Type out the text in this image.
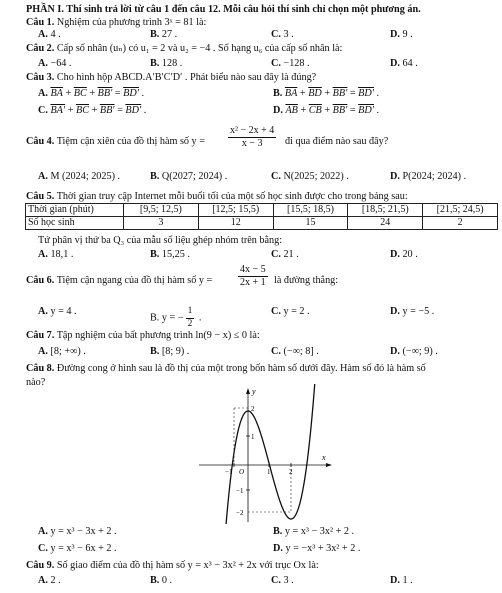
PHẦN I. Thí sinh trả lời từ câu 1 đến câu 12. Mỗi câu hỏi thí sinh chỉ chọn một phương án.
Câu 1. Nghiệm của phương trình 3ˣ = 81 là:
A. 4 .	B. 27 .	C. 3 .	D. 9 .
Câu 2. Cấp số nhân (uₙ) có u₁ = 2 và u₂ = −4 . Số hạng u₆ của cấp số nhân là:
A. −64 .	B. 128 .	C. −128 .	D. 64 .
Câu 3. Cho hình hộp ABCD.A′B′C′D′ . Phát biểu nào sau đây là đúng?
A. $\overline{BA} + \overline{BC} + BB' = BD'$ .	B. $\overline{BA} + \overline{BD} + BB' = BD'$ .
C. $BA' + \overline{BC} + BB' = BD'$ .	D. $\overline{AB} + \overline{CB} + BB' = BD'$ .
Câu 4. Tiệm cận xiên của đồ thị hàm số $y = \frac{\text{x² − 2x + 4}}{x - 3}$ đi qua điểm nào sau đây?
A. M (2024; 2025) .	B. Q(2027; 2024) .	C. N(2025; 2022) .	D. P(2024; 2024) .
Câu 5. Thời gian truy cập Internet mỗi buổi tối của một số học sinh được cho trong bảng sau:
Thời gian (phút)	[9,5; 12,5)	[12,5; 15,5)	[15,5; 18,5)	[18,5; 21,5)	[21,5; 24,5)
Số học sinh	3	12	15	24	2
Tứ phân vị thứ ba Q₃ của mẫu số liệu ghép nhóm trên bằng:
A. 18,1 .	B. 15,25 .	C. 21 .	D. 20 .
Câu 6. Tiệm cận ngang của đồ thị hàm số y =	$\frac{4x - 5}{2x + 1}$ là đường thẳng:
A. y = 4 .
B. y = − $\frac{1}{2}$ .
C. y = 2 .	D. y = −5 .
Câu 7. Tập nghiệm của bất phương trình ln(9 − x) ≤ 0 là:
A. [8; +∞) .	B. [8; 9) .	C. (−∞; 8] .	D. (−∞; 9) .
Câu 8. Đường cong ở hình sau là đồ thị của một trong bốn hàm số dưới đây. Hàm số đó là hàm số
nào?
y
x
O
−1	1	2
2
1
−1
−2
A. y = x³ − 3x + 2 .	B. y = x³ − 3x² + 2 .
C. y = x³ − 6x + 2 .	D. y = −x³ + 3x² + 2 .
Câu 9. Số giao điểm của đồ thị hàm số y = x³ − 3x² + 2x với trục Ox là:
A. 2 .	B. 0 .	C. 3 .	D. 1 .
